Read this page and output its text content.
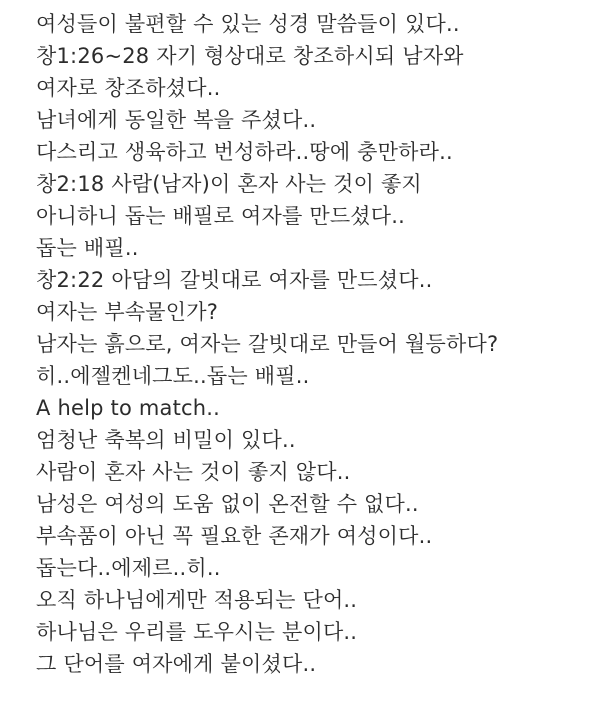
여성들이 불편할 수 있는 성경 말씀들이 있다..
창1:26~28 자기 형상대로 창조하시되 남자와
여자로 창조하셨다..
남녀에게 동일한 복을 주셨다..
다스리고 생육하고 번성하라..땅에 충만하라..
창2:18 사람(남자)이 혼자 사는 것이 좋지
아니하니 돕는 배필로 여자를 만드셨다..
돕는 배필..
창2:22 아담의 갈빗대로 여자를 만드셨다..
여자는 부속물인가?
남자는 흙으로, 여자는 갈빗대로 만들어 월등하다?
히..에젤켄네그도..돕는 배필..
A help to match..
엄청난 축복의 비밀이 있다..
사람이 혼자 사는 것이 좋지 않다..
남성은 여성의 도움 없이 온전할 수 없다..
부속품이 아닌 꼭 필요한 존재가 여성이다..
돕는다..에제르..히..
오직 하나님에게만 적용되는 단어..
하나님은 우리를 도우시는 분이다..
그 단어를 여자에게 붙이셨다..
